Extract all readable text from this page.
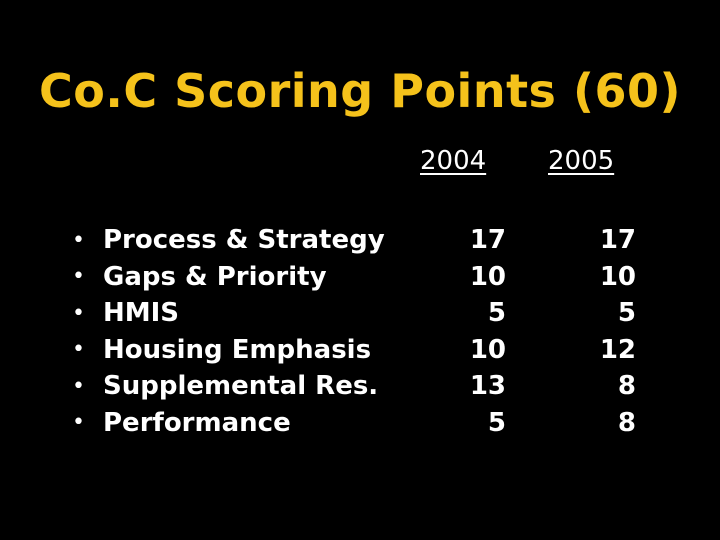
Co.C Scoring Points (60)
2004 2005
• Process & Strategy	17	17
• Gaps & Priority	10	10
• HMIS	5	5
• Housing Emphasis	10	12
• Supplemental Res.	13	8
• Performance	5	8
